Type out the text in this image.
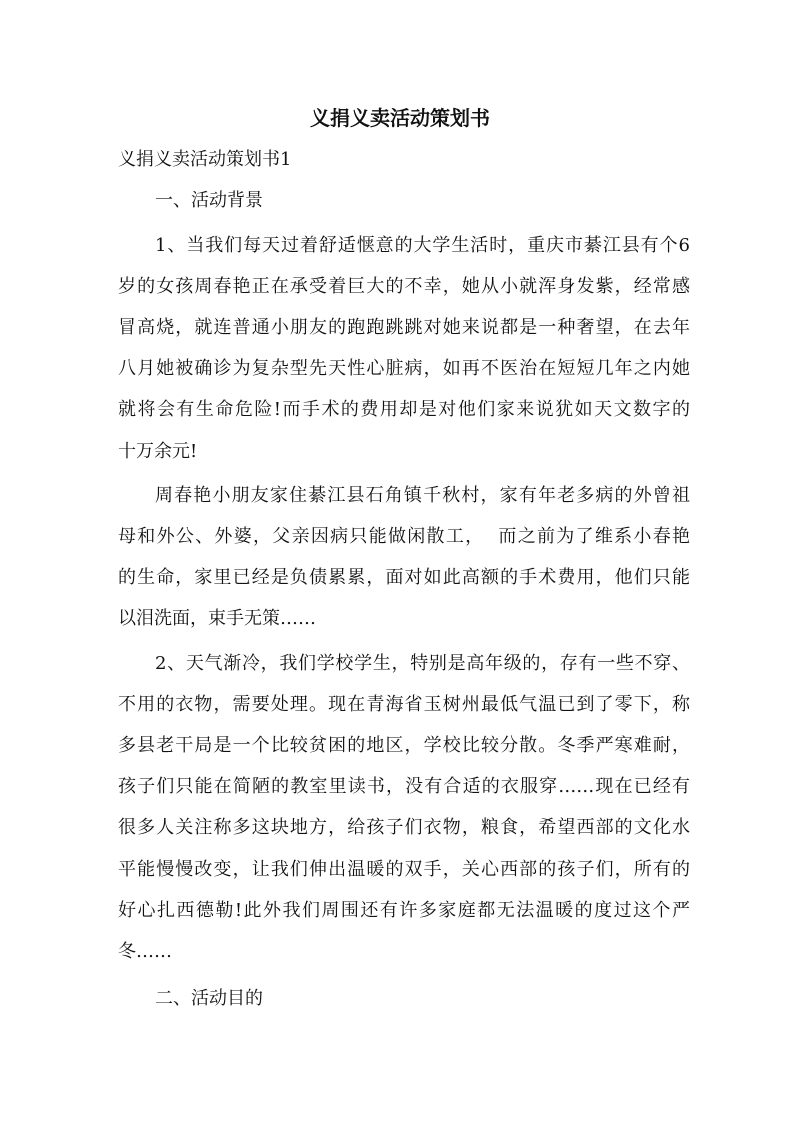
义捐义卖活动策划书

义捐义卖活动策划书1

一、活动背景

1、当我们每天过着舒适惬意的大学生活时，重庆市綦江县有个6

岁的女孩周春艳正在承受着巨大的不幸，她从小就浑身发紫，经常感

冒高烧，就连普通小朋友的跑跑跳跳对她来说都是一种奢望，在去年

八月她被确诊为复杂型先天性心脏病，如再不医治在短短几年之内她

就将会有生命危险!而手术的费用却是对他们家来说犹如天文数字的

十万余元!

周春艳小朋友家住綦江县石角镇千秋村，家有年老多病的外曾祖

母和外公、外婆，父亲因病只能做闲散工，  而之前为了维系小春艳

的生命，家里已经是负债累累，面对如此高额的手术费用，他们只能

以泪洗面，束手无策……

2、天气渐冷，我们学校学生，特别是高年级的，存有一些不穿、

不用的衣物，需要处理。现在青海省玉树州最低气温已到了零下，称

多县老干局是一个比较贫困的地区，学校比较分散。冬季严寒难耐，

孩子们只能在简陋的教室里读书，没有合适的衣服穿……现在已经有

很多人关注称多这块地方，给孩子们衣物，粮食，希望西部的文化水

平能慢慢改变，让我们伸出温暖的双手，关心西部的孩子们，所有的

好心扎西德勒!此外我们周围还有许多家庭都无法温暖的度过这个严

冬……

二、活动目的
